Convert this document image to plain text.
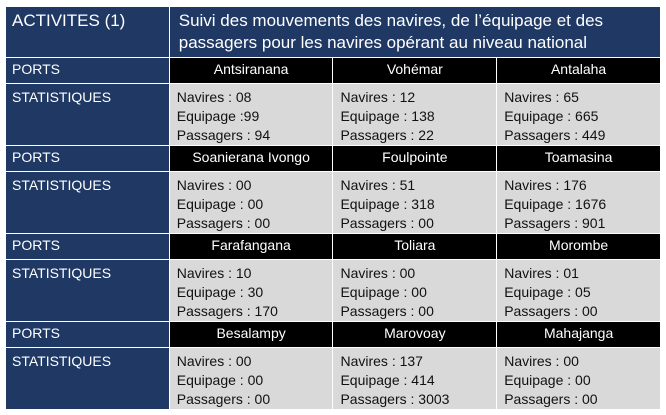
ACTIVITES (1)	Suivi des mouvements des navires, de l’équipage et des passagers pour les navires opérant au niveau national		
PORTS	Antsiranana	Vohémar	Antalaha
STATISTIQUES	Navires : 08
Equipage :99
Passagers : 94	Navires : 12
Equipage : 138
Passagers : 22	Navires : 65
Equipage : 665
Passagers : 449

PORTS	Soanierana Ivongo	Foulpointe	Toamasina
STATISTIQUES	Navires : 00
Equipage : 00
Passagers : 00	Navires : 51
Equipage : 318
Passagers : 00	Navires : 176
Equipage : 1676
Passagers : 901

PORTS	Farafangana	Toliara	Morombe
STATISTIQUES	Navires : 10
Equipage : 30
Passagers : 170	Navires : 00
Equipage : 00
Passagers : 00	Navires : 01
Equipage : 05
Passagers : 00

PORTS	Besalampy	Marovoay	Mahajanga
STATISTIQUES	Navires : 00
Equipage : 00
Passagers : 00	Navires : 137
Equipage : 414
Passagers : 3003	Navires : 00
Equipage : 00
Passagers : 00
